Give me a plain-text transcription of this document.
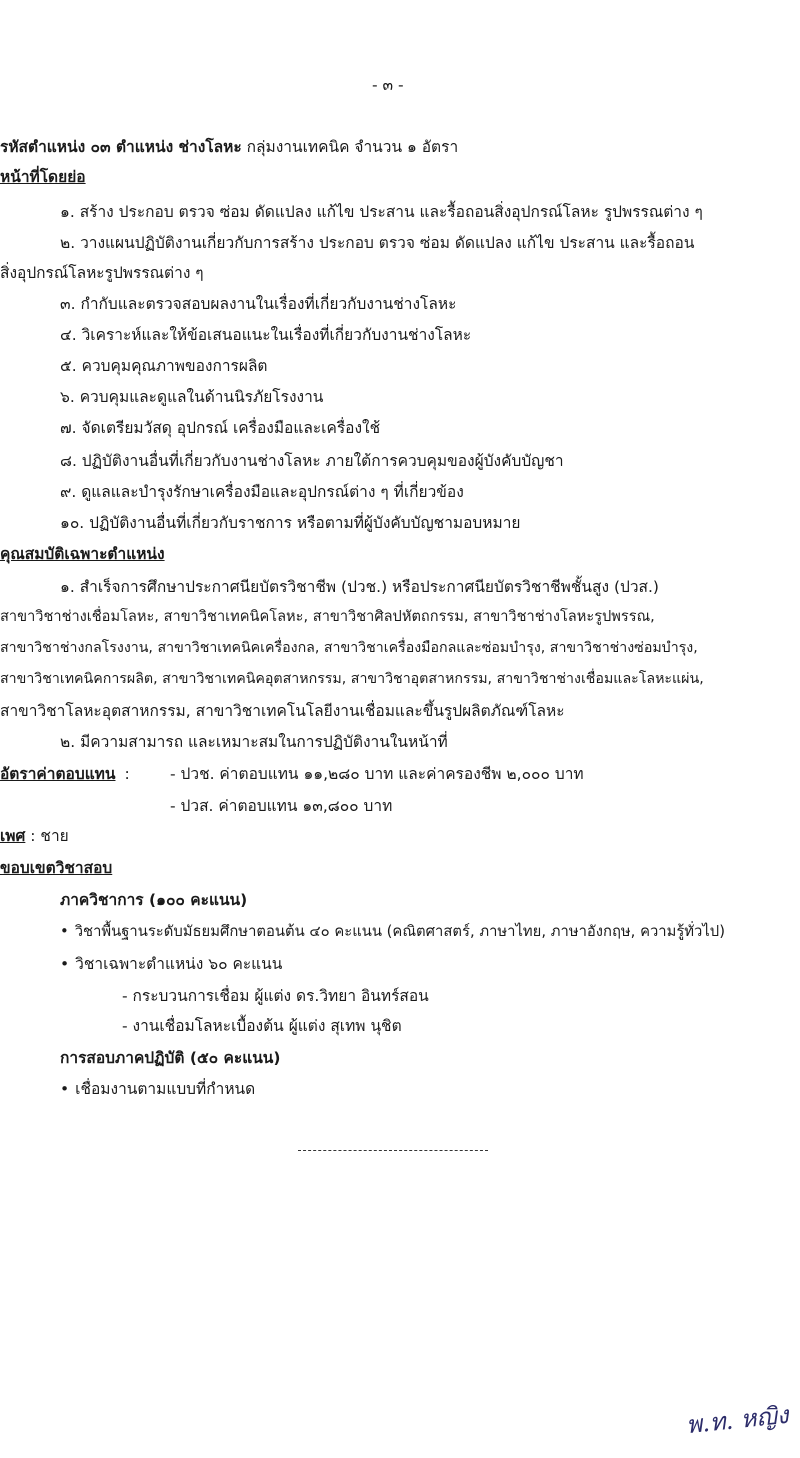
- ๓ -
รหัสตำแหน่ง ๐๓ ตำแหน่ง ช่างโลหะ กลุ่มงานเทคนิค จำนวน ๑ อัตรา
หน้าที่โดยย่อ
๑. สร้าง ประกอบ ตรวจ ซ่อม ดัดแปลง แก้ไข ประสาน และรื้อถอนสิ่งอุปกรณ์โลหะ รูปพรรณต่าง ๆ
๒. วางแผนปฏิบัติงานเกี่ยวกับการสร้าง ประกอบ ตรวจ ซ่อม ดัดแปลง แก้ไข ประสาน และรื้อถอน
สิ่งอุปกรณ์โลหะรูปพรรณต่าง ๆ
๓. กำกับและตรวจสอบผลงานในเรื่องที่เกี่ยวกับงานช่างโลหะ
๔. วิเคราะห์และให้ข้อเสนอแนะในเรื่องที่เกี่ยวกับงานช่างโลหะ
๕. ควบคุมคุณภาพของการผลิต
๖. ควบคุมและดูแลในด้านนิรภัยโรงงาน
๗. จัดเตรียมวัสดุ อุปกรณ์ เครื่องมือและเครื่องใช้
๘. ปฏิบัติงานอื่นที่เกี่ยวกับงานช่างโลหะ ภายใต้การควบคุมของผู้บังคับบัญชา
๙. ดูแลและบำรุงรักษาเครื่องมือและอุปกรณ์ต่าง ๆ ที่เกี่ยวข้อง
๑๐. ปฏิบัติงานอื่นที่เกี่ยวกับราชการ หรือตามที่ผู้บังคับบัญชามอบหมาย
คุณสมบัติเฉพาะตำแหน่ง
๑. สำเร็จการศึกษาประกาศนียบัตรวิชาชีพ (ปวช.) หรือประกาศนียบัตรวิชาชีพชั้นสูง (ปวส.)
สาขาวิชาช่างเชื่อมโลหะ, สาขาวิชาเทคนิคโลหะ, สาขาวิชาศิลปหัตถกรรม, สาขาวิชาช่างโลหะรูปพรรณ,
สาขาวิชาช่างกลโรงงาน, สาขาวิชาเทคนิคเครื่องกล, สาขาวิชาเครื่องมือกลและซ่อมบำรุง, สาขาวิชาช่างซ่อมบำรุง,
สาขาวิชาเทคนิคการผลิต, สาขาวิชาเทคนิคอุตสาหกรรม, สาขาวิชาอุตสาหกรรม, สาขาวิชาช่างเชื่อมและโลหะแผ่น,
สาขาวิชาโลหะอุตสาหกรรม, สาขาวิชาเทคโนโลยีงานเชื่อมและขึ้นรูปผลิตภัณฑ์โลหะ
๒. มีความสามารถ และเหมาะสมในการปฏิบัติงานในหน้าที่
อัตราค่าตอบแทน :	- ปวช. ค่าตอบแทน ๑๑,๒๘๐ บาท และค่าครองชีพ ๒,๐๐๐ บาท
- ปวส. ค่าตอบแทน ๑๓,๘๐๐ บาท
เพศ : ชาย
ขอบเขตวิชาสอบ
ภาควิชาการ (๑๐๐ คะแนน)
• วิชาพื้นฐานระดับมัธยมศึกษาตอนต้น ๔๐ คะแนน (คณิตศาสตร์, ภาษาไทย, ภาษาอังกฤษ, ความรู้ทั่วไป)
• วิชาเฉพาะตำแหน่ง ๖๐ คะแนน
- กระบวนการเชื่อม ผู้แต่ง ดร.วิทยา อินทร์สอน
- งานเชื่อมโลหะเบื้องต้น ผู้แต่ง สุเทพ นุชิต
การสอบภาคปฏิบัติ (๕๐ คะแนน)
• เชื่อมงานตามแบบที่กำหนด
พ.ท. หญิง
